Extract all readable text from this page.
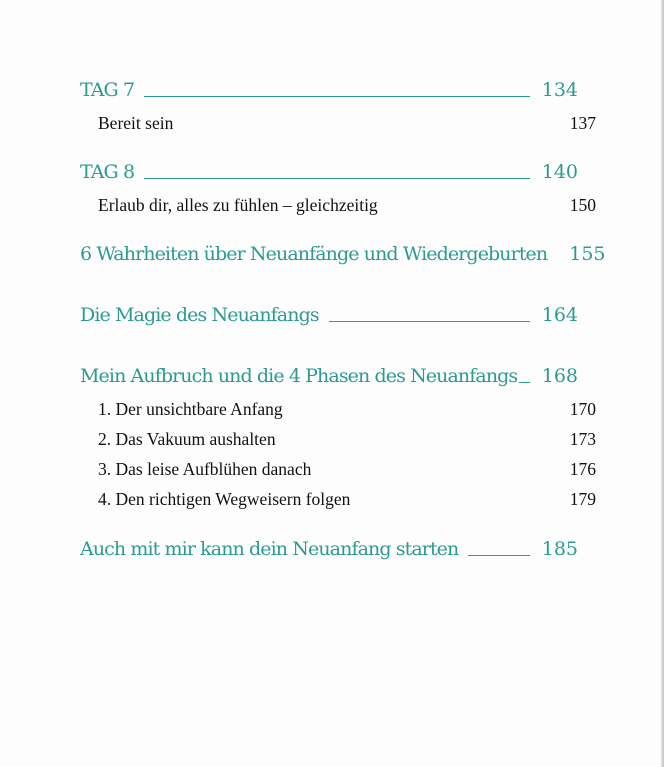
TAG 7	134
Bereit sein	137
TAG 8	140
Erlaub dir, alles zu fühlen – gleichzeitig	150
6 Wahrheiten über Neuanfänge und Wiedergeburten 155
Die Magie des Neuanfangs	164
Mein Aufbruch und die 4 Phasen des Neuanfangs 168
1. Der unsichtbare Anfang	170
2. Das Vakuum aushalten	173
3. Das leise Aufblühen danach	176
4. Den richtigen Wegweisern folgen	179
Auch mit mir kann dein Neuanfang starten	185
